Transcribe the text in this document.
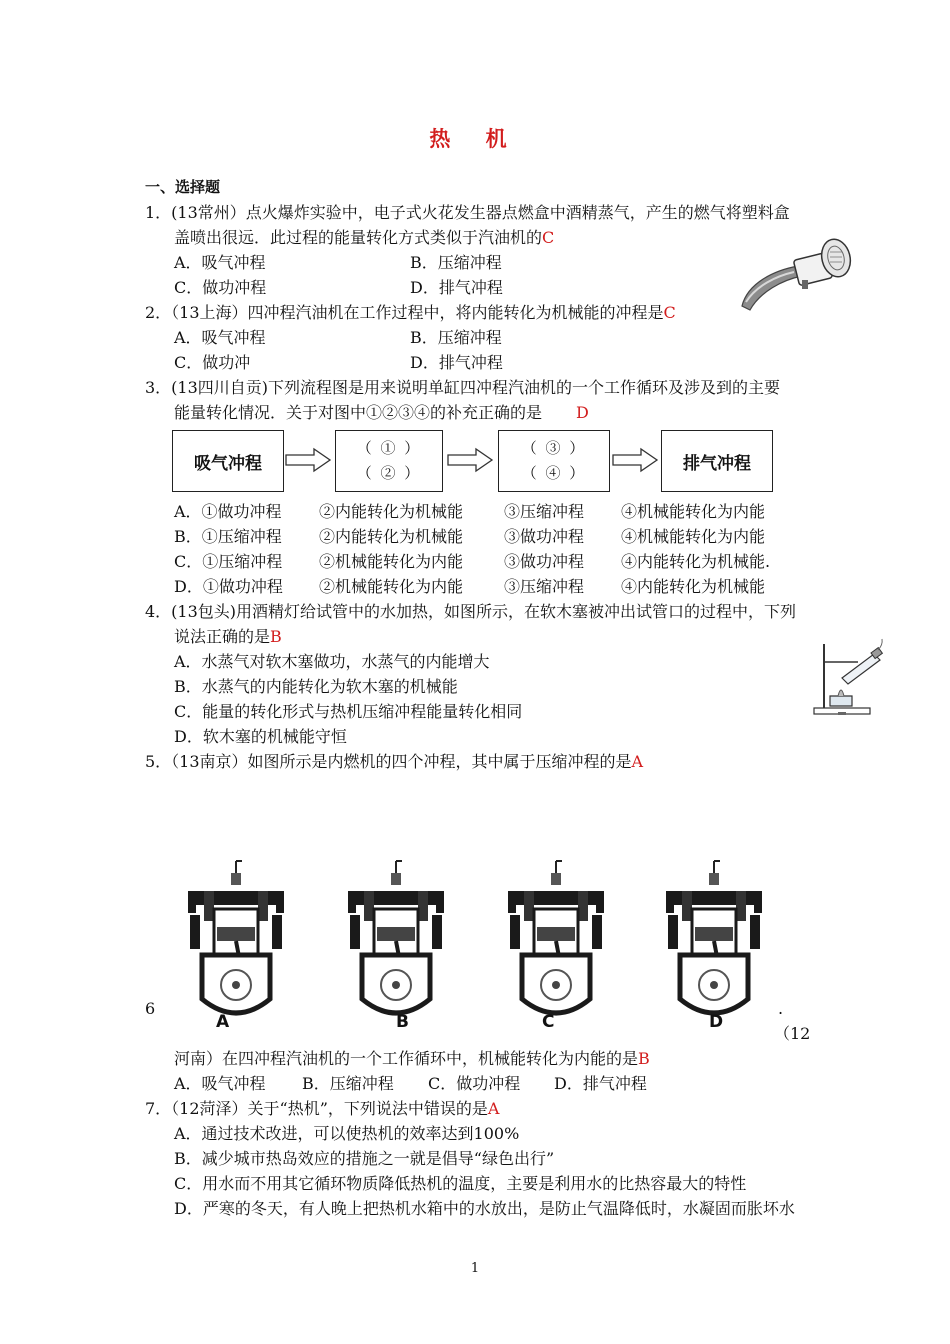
热 机
一、选择题
1．(13常州）点火爆炸实验中，电子式火花发生器点燃盒中酒精蒸气，产生的燃气将塑料盒
盖喷出很远．此过程的能量转化方式类似于汽油机的C
A．吸气冲程	B．压缩冲程
C．做功冲程	D．排气冲程
2．（13上海）四冲程汽油机在工作过程中，将内能转化为机械能的冲程是C
A．吸气冲程	B．压缩冲程
C．做功冲	D．排气冲程
3．(13四川自贡)下列流程图是用来说明单缸四冲程汽油机的一个工作循环及涉及到的主要
能量转化情况．关于对图中①②③④的补充正确的是 D
吸气冲程
（ ① ）
（ ② ）
（ ③ ）
（ ④ ）	排气冲程
A．①做功冲程 ②内能转化为机械能	③压缩冲程 ④机械能转化为内能
B．①压缩冲程 ②内能转化为机械能	③做功冲程 ④机械能转化为内能
C．①压缩冲程 ②机械能转化为内能	③做功冲程 ④内能转化为机械能.
D．①做功冲程 ②机械能转化为内能	③压缩冲程 ④内能转化为机械能
4．(13包头)用酒精灯给试管中的水加热，如图所示，在软木塞被冲出试管口的过程中，下列
说法正确的是B
A．水蒸气对软木塞做功，水蒸气的内能增大
B．水蒸气的内能转化为软木塞的机械能
C．能量的转化形式与热机压缩冲程能量转化相同
D．软木塞的机械能守恒
5．（13南京）如图所示是内燃机的四个冲程，其中属于压缩冲程的是A
A	B	C	D
6	.
（12
河南）在四冲程汽油机的一个工作循环中，机械能转化为内能的是B
A．吸气冲程 B．压缩冲程 C．做功冲程 D．排气冲程
7．（12菏泽）关于“热机”，下列说法中错误的是A
A．通过技术改进，可以使热机的效率达到100%
B．减少城市热岛效应的措施之一就是倡导“绿色出行”
C．用水而不用其它循环物质降低热机的温度，主要是利用水的比热容最大的特性
D．严寒的冬天，有人晚上把热机水箱中的水放出，是防止气温降低时，水凝固而胀坏水
1
